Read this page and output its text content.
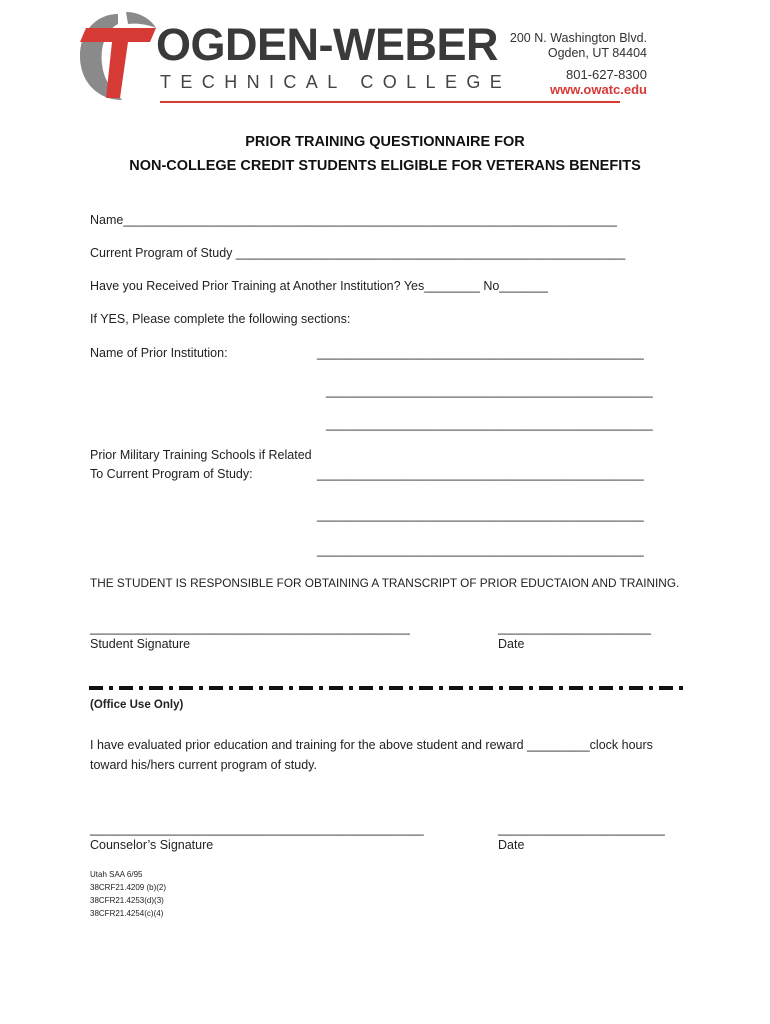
OGDEN-WEBER
TECHNICAL COLLEGE
200 N. Washington Blvd.
Ogden, UT 84404
801-627-8300
www.owatc.edu
PRIOR TRAINING QUESTIONNAIRE FOR
NON-COLLEGE CREDIT STUDENTS ELIGIBLE FOR VETERANS BENEFITS
Name_______________________________________________________________________
Current Program of Study ________________________________________________________
Have you Received Prior Training at Another Institution? Yes________ No_______
If YES, Please complete the following sections:
Name of Prior Institution:	_______________________________________________
_______________________________________________
_______________________________________________
Prior Military Training Schools if Related
To Current Program of Study:	_______________________________________________
_______________________________________________
_______________________________________________
THE STUDENT IS RESPONSIBLE FOR OBTAINING A TRANSCRIPT OF PRIOR EDUCTAION AND TRAINING.
______________________________________________
Student Signature
______________________
Date
(Office Use Only)
I have evaluated prior education and training for the above student and reward _________clock hours
toward his/hers current program of study.
________________________________________________
Counselor’s Signature
________________________
Date
Utah SAA 6/95
38CRF21.4209 (b)(2)
38CFR21.4253(d)(3)
38CFR21.4254(c)(4)
